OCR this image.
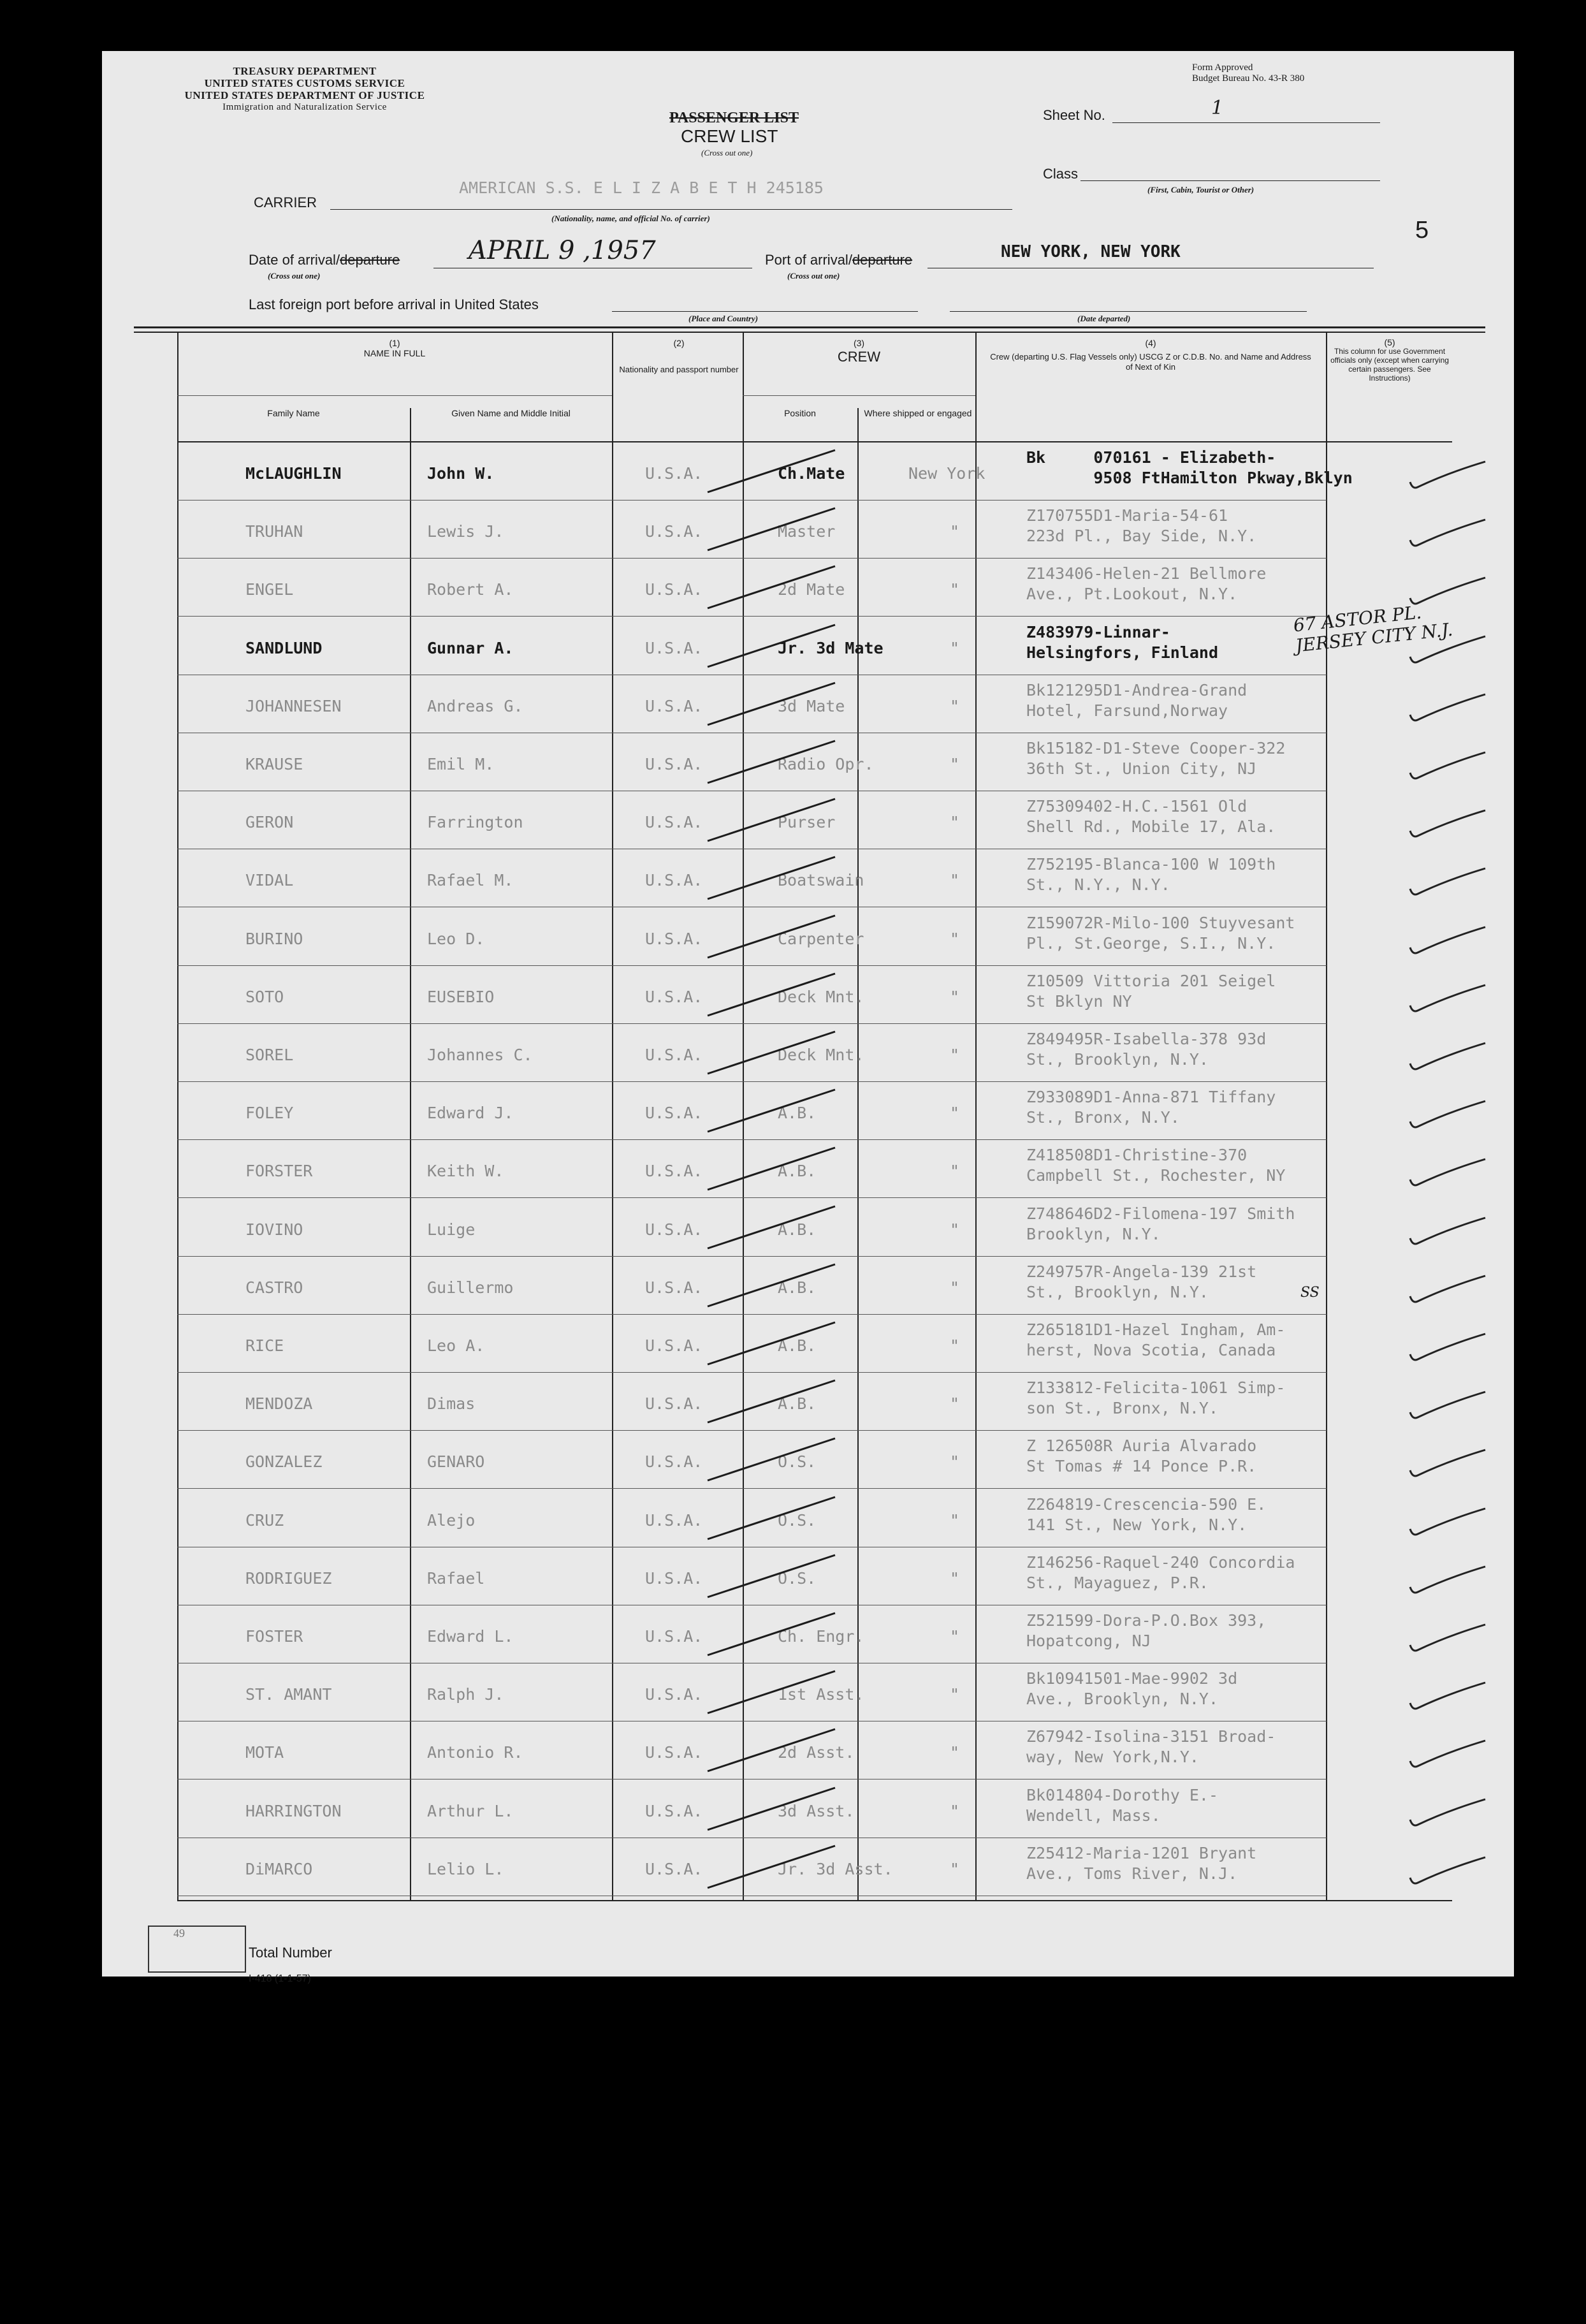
TREASURY DEPARTMENT
UNITED STATES CUSTOMS SERVICE
UNITED STATES DEPARTMENT OF JUSTICE
Immigration and Naturalization Service
Form Approved
Budget Bureau No. 43-R 380
PASSENGER LIST
CREW LIST
(Cross out one)
Sheet No.	1
Class
(First, Cabin, Tourist or Other)
CARRIER
AMERICAN S.S. E L I Z A B E T H 245185
(Nationality, name, and official No. of carrier)	5
Date of arrival/departure
(Cross out one)
APRIL 9 ,1957	Port of arrival/departure
(Cross out one)
NEW YORK, NEW YORK
Last foreign port before arrival in United States
(Place and Country)	(Date departed)
(1)
NAME IN FULL
Family Name	Given Name and Middle Initial
(2)
Nationality and passport number
(3)
CREW
Position	Where shipped or engaged
(4)
Crew (departing U.S. Flag Vessels only) USCG Z or C.D.B. No. and Name and Address of Next of Kin
(5)
This column for use Government officials only (except when carrying certain passengers. See Instructions)
McLAUGHLIN	John W.	U.S.A.	Ch.Mate	New York
Bk     070161 - Elizabeth-
9508 FtHamilton Pkway,Bklyn
TRUHAN	Lewis J.	U.S.A.	Master	"
Z170755D1-Maria-54-61
223d Pl., Bay Side, N.Y.
ENGEL	Robert A.	U.S.A.	2d Mate	"
Z143406-Helen-21 Bellmore
Ave., Pt.Lookout, N.Y.
SANDLUND	Gunnar A.	U.S.A.	Jr. 3d Mate	"
Z483979-Linnar-
Helsingfors, Finland
JOHANNESEN	Andreas G.	U.S.A.	3d Mate	"
Bk121295D1-Andrea-Grand
Hotel, Farsund,Norway
KRAUSE	Emil M.	U.S.A.	Radio Opr.	"
Bk15182-D1-Steve Cooper-322
36th St., Union City, NJ
GERON	Farrington	U.S.A.	Purser	"
Z75309402-H.C.-1561 Old
Shell Rd., Mobile 17, Ala.
VIDAL	Rafael M.	U.S.A.	Boatswain	"
Z752195-Blanca-100 W 109th
St., N.Y., N.Y.
BURINO	Leo D.	U.S.A.	Carpenter	"
Z159072R-Milo-100 Stuyvesant
Pl., St.George, S.I., N.Y.
SOTO	EUSEBIO	U.S.A.	Deck Mnt.	"
Z10509 Vittoria 201 Seigel
St Bklyn NY
SOREL	Johannes C.	U.S.A.	Deck Mnt.	"
Z849495R-Isabella-378 93d
St., Brooklyn, N.Y.
FOLEY	Edward J.	U.S.A.	A.B.	"
Z933089D1-Anna-871 Tiffany
St., Bronx, N.Y.
FORSTER	Keith W.	U.S.A.	A.B.	"
Z418508D1-Christine-370
Campbell St., Rochester, NY
IOVINO	Luige	U.S.A.	A.B.	"
Z748646D2-Filomena-197 Smith
Brooklyn, N.Y.
CASTRO	Guillermo	U.S.A.	A.B.	"
Z249757R-Angela-139 21st
St., Brooklyn, N.Y.
RICE	Leo A.	U.S.A.	A.B.	"
Z265181D1-Hazel Ingham, Am-
herst, Nova Scotia, Canada
MENDOZA	Dimas	U.S.A.	A.B.	"
Z133812-Felicita-1061 Simp-
son St., Bronx, N.Y.
GONZALEZ	GENARO	U.S.A.	O.S.	"
Z 126508R Auria Alvarado
St Tomas # 14 Ponce P.R.
CRUZ	Alejo	U.S.A.	O.S.	"
Z264819-Crescencia-590 E.
141 St., New York, N.Y.
RODRIGUEZ	Rafael	U.S.A.	O.S.	"
Z146256-Raquel-240 Concordia
St., Mayaguez, P.R.
FOSTER	Edward L.	U.S.A.	Ch. Engr.	"
Z521599-Dora-P.O.Box 393,
Hopatcong, NJ
ST. AMANT	Ralph J.	U.S.A.	1st Asst.	"
Bk10941501-Mae-9902 3d
Ave., Brooklyn, N.Y.
MOTA	Antonio R.	U.S.A.	2d Asst.	"
Z67942-Isolina-3151 Broad-
way, New York,N.Y.
HARRINGTON	Arthur L.	U.S.A.	3d Asst.	"
Bk014804-Dorothy E.-
Wendell, Mass.
DiMARCO	Lelio L.	U.S.A.	Jr. 3d Asst.	"
Z25412-Maria-1201 Bryant
Ave., Toms River, N.J.
67 ASTOR PL. JERSEY CITY N.J.
SS
49
Total Number
I-418 (1-1-57)
